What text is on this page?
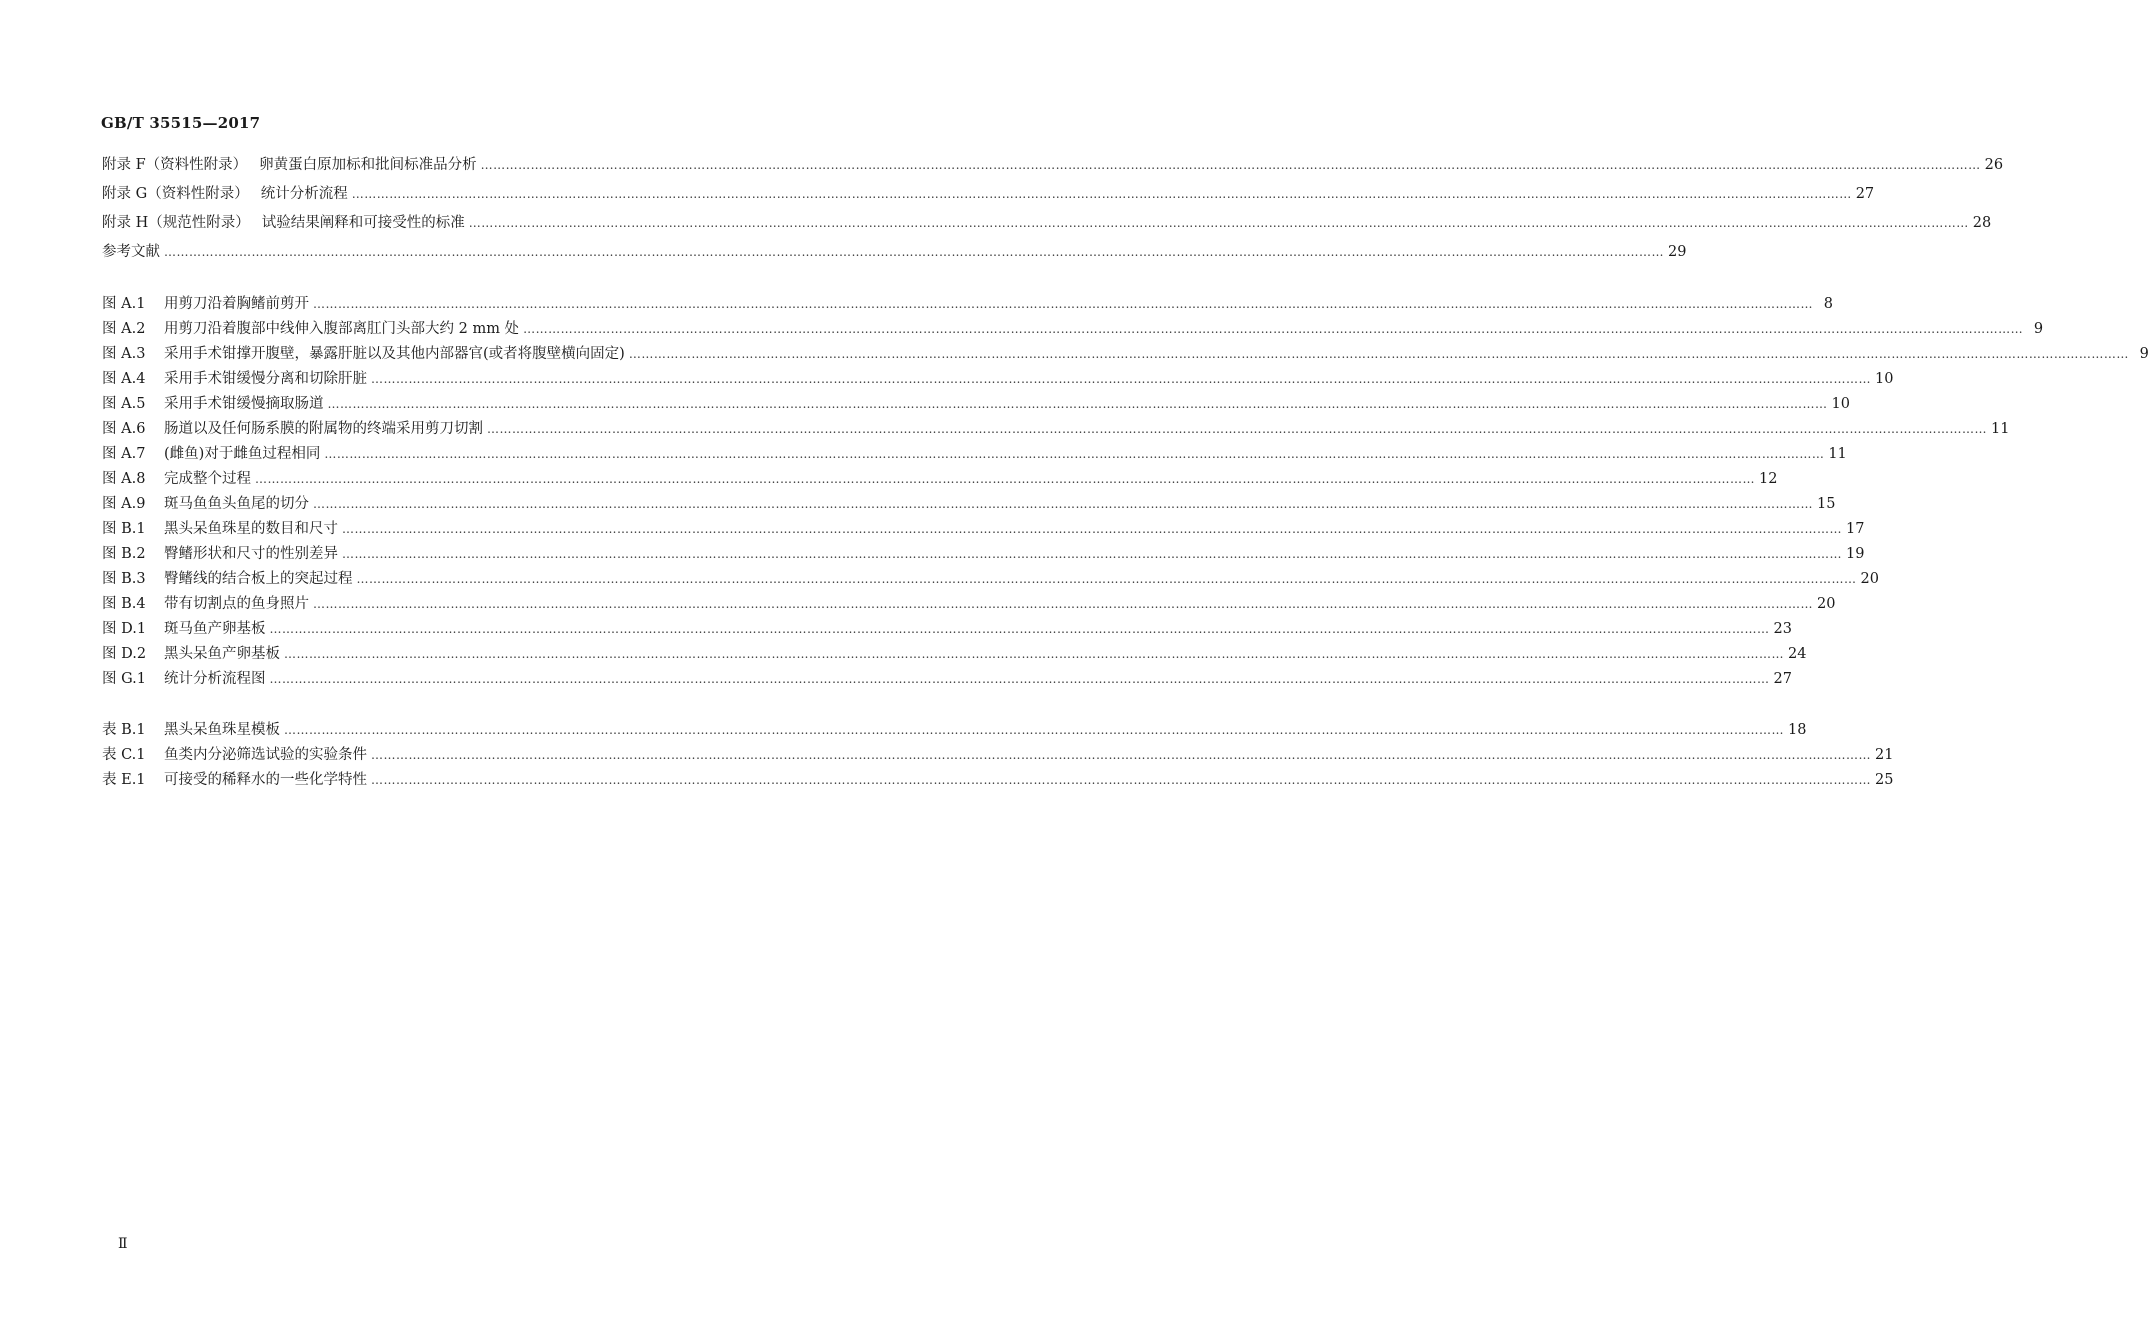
GB/T 35515—2017
附录 F（资料性附录） 卵黄蛋白原加标和批间标准品分析 ……………………………………………………………………………………………………………………………………………………………………………………………………………………………………………………………………………………………………………………………… 26
附录 G（资料性附录） 统计分析流程 ……………………………………………………………………………………………………………………………………………………………………………………………………………………………………………………………………………………………………………………………… 27
附录 H（规范性附录） 试验结果阐释和可接受性的标准 ……………………………………………………………………………………………………………………………………………………………………………………………………………………………………………………………………………………………………………………………… 28
参考文献 ……………………………………………………………………………………………………………………………………………………………………………………………………………………………………………………………………………………………………………………………… 29
图 A.1	用剪刀沿着胸鳍前剪开 ……………………………………………………………………………………………………………………………………………………………………………………………………………………………………………………………………………………………………………………………… 8
图 A.2	用剪刀沿着腹部中线伸入腹部离肛门头部大约 2 mm 处 ……………………………………………………………………………………………………………………………………………………………………………………………………………………………………………………………………………………………………………………………… 9
图 A.3	采用手术钳撑开腹壁，暴露肝脏以及其他内部器官(或者将腹壁横向固定) ……………………………………………………………………………………………………………………………………………………………………………………………………………………………………………………………………………………………………………………………… 9
图 A.4	采用手术钳缓慢分离和切除肝脏 ……………………………………………………………………………………………………………………………………………………………………………………………………………………………………………………………………………………………………………………………… 10
图 A.5	采用手术钳缓慢摘取肠道 ……………………………………………………………………………………………………………………………………………………………………………………………………………………………………………………………………………………………………………………………… 10
图 A.6	肠道以及任何肠系膜的附属物的终端采用剪刀切割 ……………………………………………………………………………………………………………………………………………………………………………………………………………………………………………………………………………………………………………………………… 11
图 A.7	(雌鱼)对于雌鱼过程相同 ……………………………………………………………………………………………………………………………………………………………………………………………………………………………………………………………………………………………………………………………… 11
图 A.8	完成整个过程 ……………………………………………………………………………………………………………………………………………………………………………………………………………………………………………………………………………………………………………………………… 12
图 A.9	斑马鱼鱼头鱼尾的切分 ……………………………………………………………………………………………………………………………………………………………………………………………………………………………………………………………………………………………………………………………… 15
图 B.1	黑头呆鱼珠星的数目和尺寸 ……………………………………………………………………………………………………………………………………………………………………………………………………………………………………………………………………………………………………………………………… 17
图 B.2	臀鳍形状和尺寸的性别差异 ……………………………………………………………………………………………………………………………………………………………………………………………………………………………………………………………………………………………………………………………… 19
图 B.3	臀鳍线的结合板上的突起过程 ……………………………………………………………………………………………………………………………………………………………………………………………………………………………………………………………………………………………………………………………… 20
图 B.4	带有切割点的鱼身照片 ……………………………………………………………………………………………………………………………………………………………………………………………………………………………………………………………………………………………………………………………… 20
图 D.1	斑马鱼产卵基板 ……………………………………………………………………………………………………………………………………………………………………………………………………………………………………………………………………………………………………………………………… 23
图 D.2	黑头呆鱼产卵基板 ……………………………………………………………………………………………………………………………………………………………………………………………………………………………………………………………………………………………………………………………… 24
图 G.1	统计分析流程图 ……………………………………………………………………………………………………………………………………………………………………………………………………………………………………………………………………………………………………………………………… 27
表 B.1	黑头呆鱼珠星模板 ……………………………………………………………………………………………………………………………………………………………………………………………………………………………………………………………………………………………………………………………… 18
表 C.1	鱼类内分泌筛选试验的实验条件 ……………………………………………………………………………………………………………………………………………………………………………………………………………………………………………………………………………………………………………………………… 21
表 E.1	可接受的稀释水的一些化学特性 ……………………………………………………………………………………………………………………………………………………………………………………………………………………………………………………………………………………………………………………………… 25
Ⅱ
